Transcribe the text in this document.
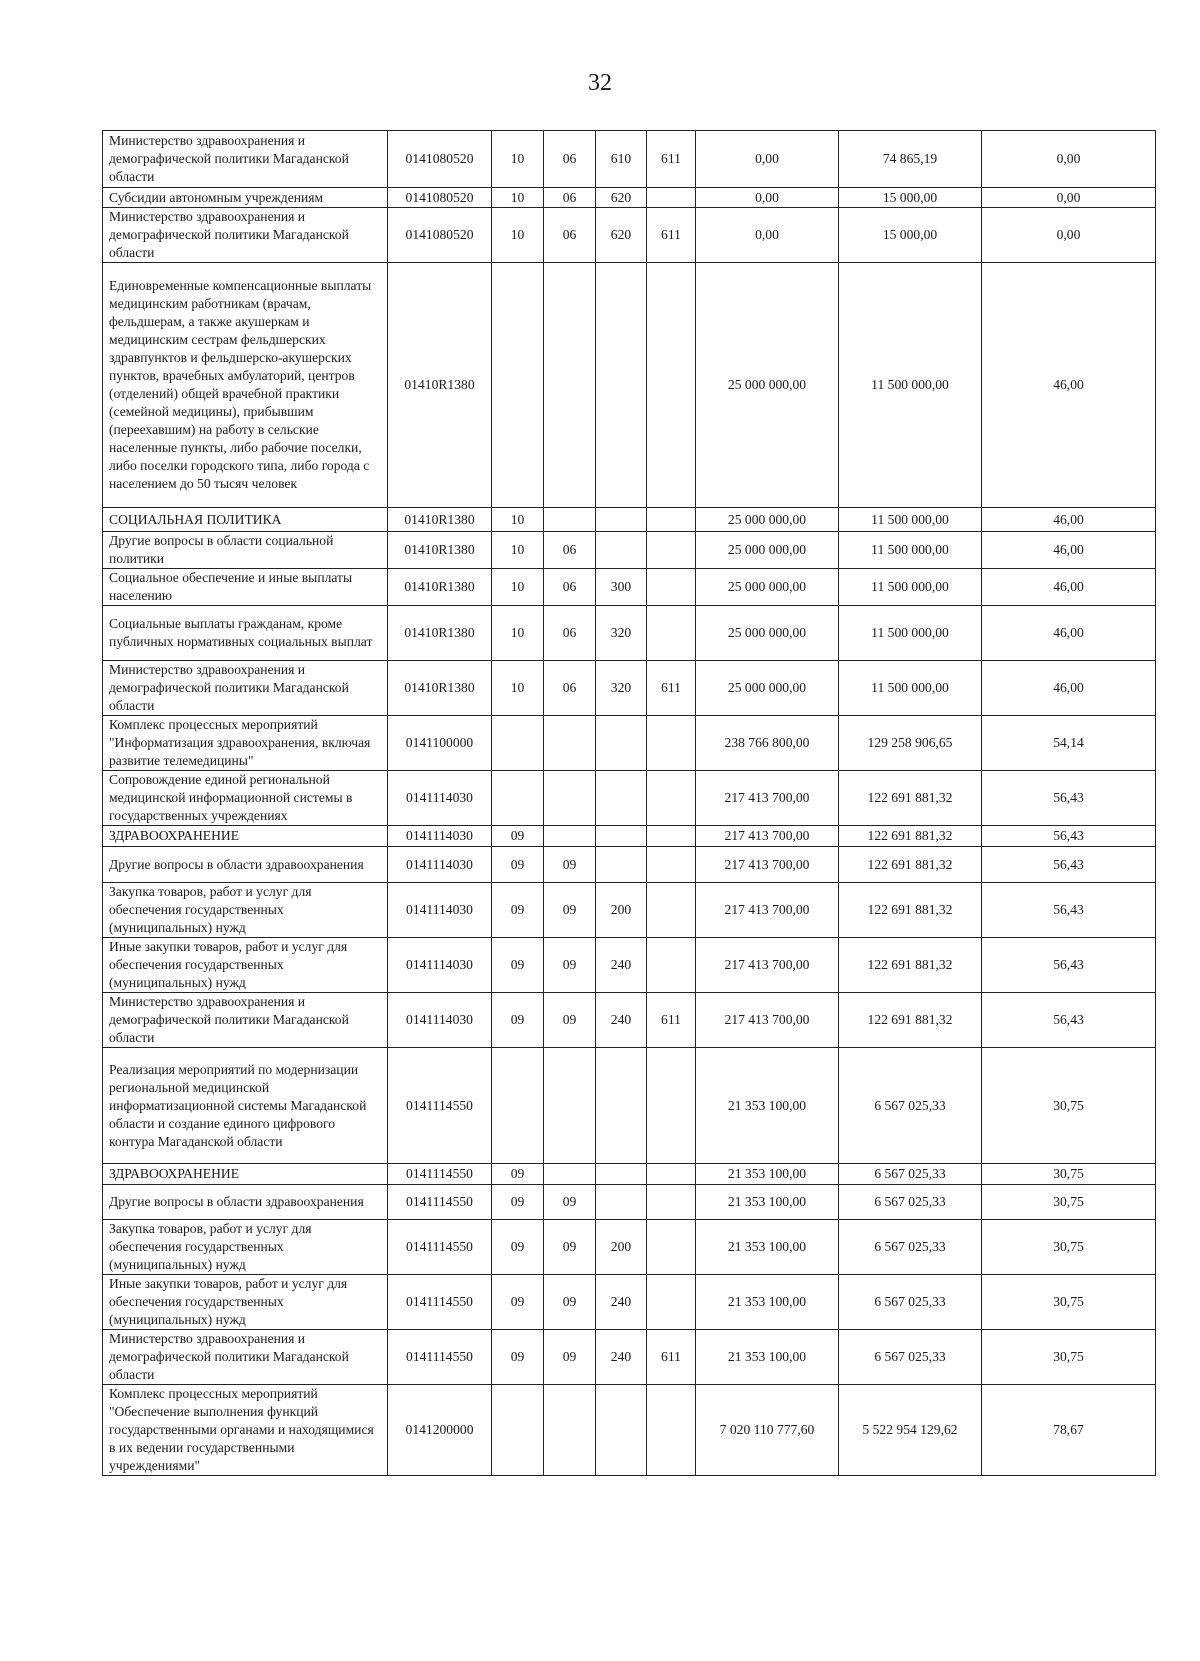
32
Министерство здравоохранения и демографической политики Магаданской области	0141080520	10	06	610	611	0,00	74 865,19	0,00
Субсидии автономным учреждениям	0141080520	10	06	620		0,00	15 000,00	0,00
Министерство здравоохранения и демографической политики Магаданской области	0141080520	10	06	620	611	0,00	15 000,00	0,00
Единовременные компенсационные выплаты медицинским работникам (врачам, фельдшерам, а также акушеркам и медицинским сестрам фельдшерских здравпунктов и фельдшерско-акушерских пунктов, врачебных амбулаторий, центров (отделений) общей врачебной практики (семейной медицины), прибывшим (переехавшим) на работу в сельские населенные пункты, либо рабочие поселки, либо поселки городского типа, либо города с населением до 50 тысяч человек	01410R1380					25 000 000,00	11 500 000,00	46,00
СОЦИАЛЬНАЯ ПОЛИТИКА	01410R1380	10				25 000 000,00	11 500 000,00	46,00
Другие вопросы в области социальной политики	01410R1380	10	06			25 000 000,00	11 500 000,00	46,00
Социальное обеспечение и иные выплаты населению	01410R1380	10	06	300		25 000 000,00	11 500 000,00	46,00
Социальные выплаты гражданам, кроме публичных нормативных социальных выплат	01410R1380	10	06	320		25 000 000,00	11 500 000,00	46,00
Министерство здравоохранения и демографической политики Магаданской области	01410R1380	10	06	320	611	25 000 000,00	11 500 000,00	46,00
Комплекс процессных мероприятий "Информатизация здравоохранения, включая развитие телемедицины"	0141100000					238 766 800,00	129 258 906,65	54,14
Сопровождение единой региональной медицинской информационной системы в государственных учреждениях	0141114030					217 413 700,00	122 691 881,32	56,43
ЗДРАВООХРАНЕНИЕ	0141114030	09				217 413 700,00	122 691 881,32	56,43
Другие вопросы в области здравоохранения	0141114030	09	09			217 413 700,00	122 691 881,32	56,43
Закупка товаров, работ и услуг для обеспечения государственных (муниципальных) нужд	0141114030	09	09	200		217 413 700,00	122 691 881,32	56,43
Иные закупки товаров, работ и услуг для обеспечения государственных (муниципальных) нужд	0141114030	09	09	240		217 413 700,00	122 691 881,32	56,43
Министерство здравоохранения и демографической политики Магаданской области	0141114030	09	09	240	611	217 413 700,00	122 691 881,32	56,43
Реализация мероприятий по модернизации региональной медицинской информатизационной системы Магаданской области и создание единого цифрового контура Магаданской области	0141114550					21 353 100,00	6 567 025,33	30,75
ЗДРАВООХРАНЕНИЕ	0141114550	09				21 353 100,00	6 567 025,33	30,75
Другие вопросы в области здравоохранения	0141114550	09	09			21 353 100,00	6 567 025,33	30,75
Закупка товаров, работ и услуг для обеспечения государственных (муниципальных) нужд	0141114550	09	09	200		21 353 100,00	6 567 025,33	30,75
Иные закупки товаров, работ и услуг для обеспечения государственных (муниципальных) нужд	0141114550	09	09	240		21 353 100,00	6 567 025,33	30,75
Министерство здравоохранения и демографической политики Магаданской области	0141114550	09	09	240	611	21 353 100,00	6 567 025,33	30,75
Комплекс процессных мероприятий "Обеспечение выполнения функций государственными органами и находящимися в их ведении государственными учреждениями"	0141200000					7 020 110 777,60	5 522 954 129,62	78,67
